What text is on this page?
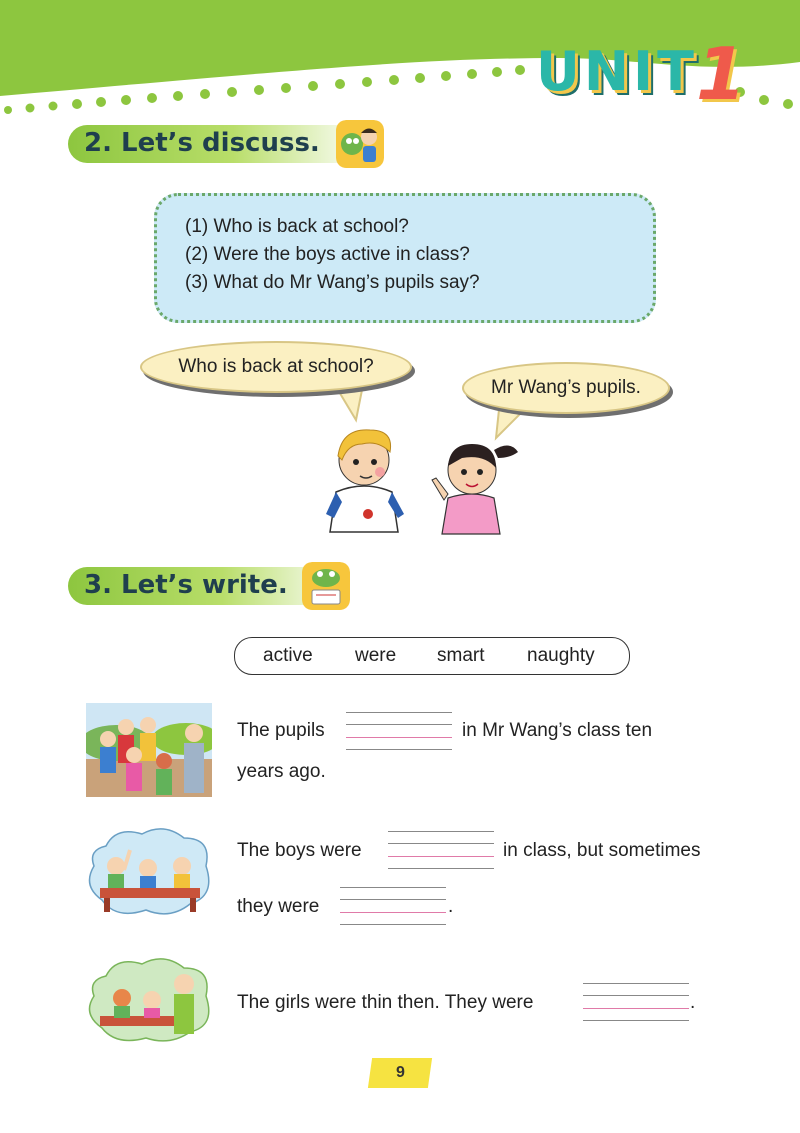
UNIT
1
2. Let’s discuss.
(1) Who is back at school?
(2) Were the boys active in class?
(3) What do Mr Wang’s pupils say?
Who is back at school?
Mr Wang’s pupils.
3. Let’s write.
active were smart naughty
The pupils	in Mr Wang’s class ten
years ago.
The boys were	in class, but sometimes
they were	.
The girls were thin then. They were	.
9
